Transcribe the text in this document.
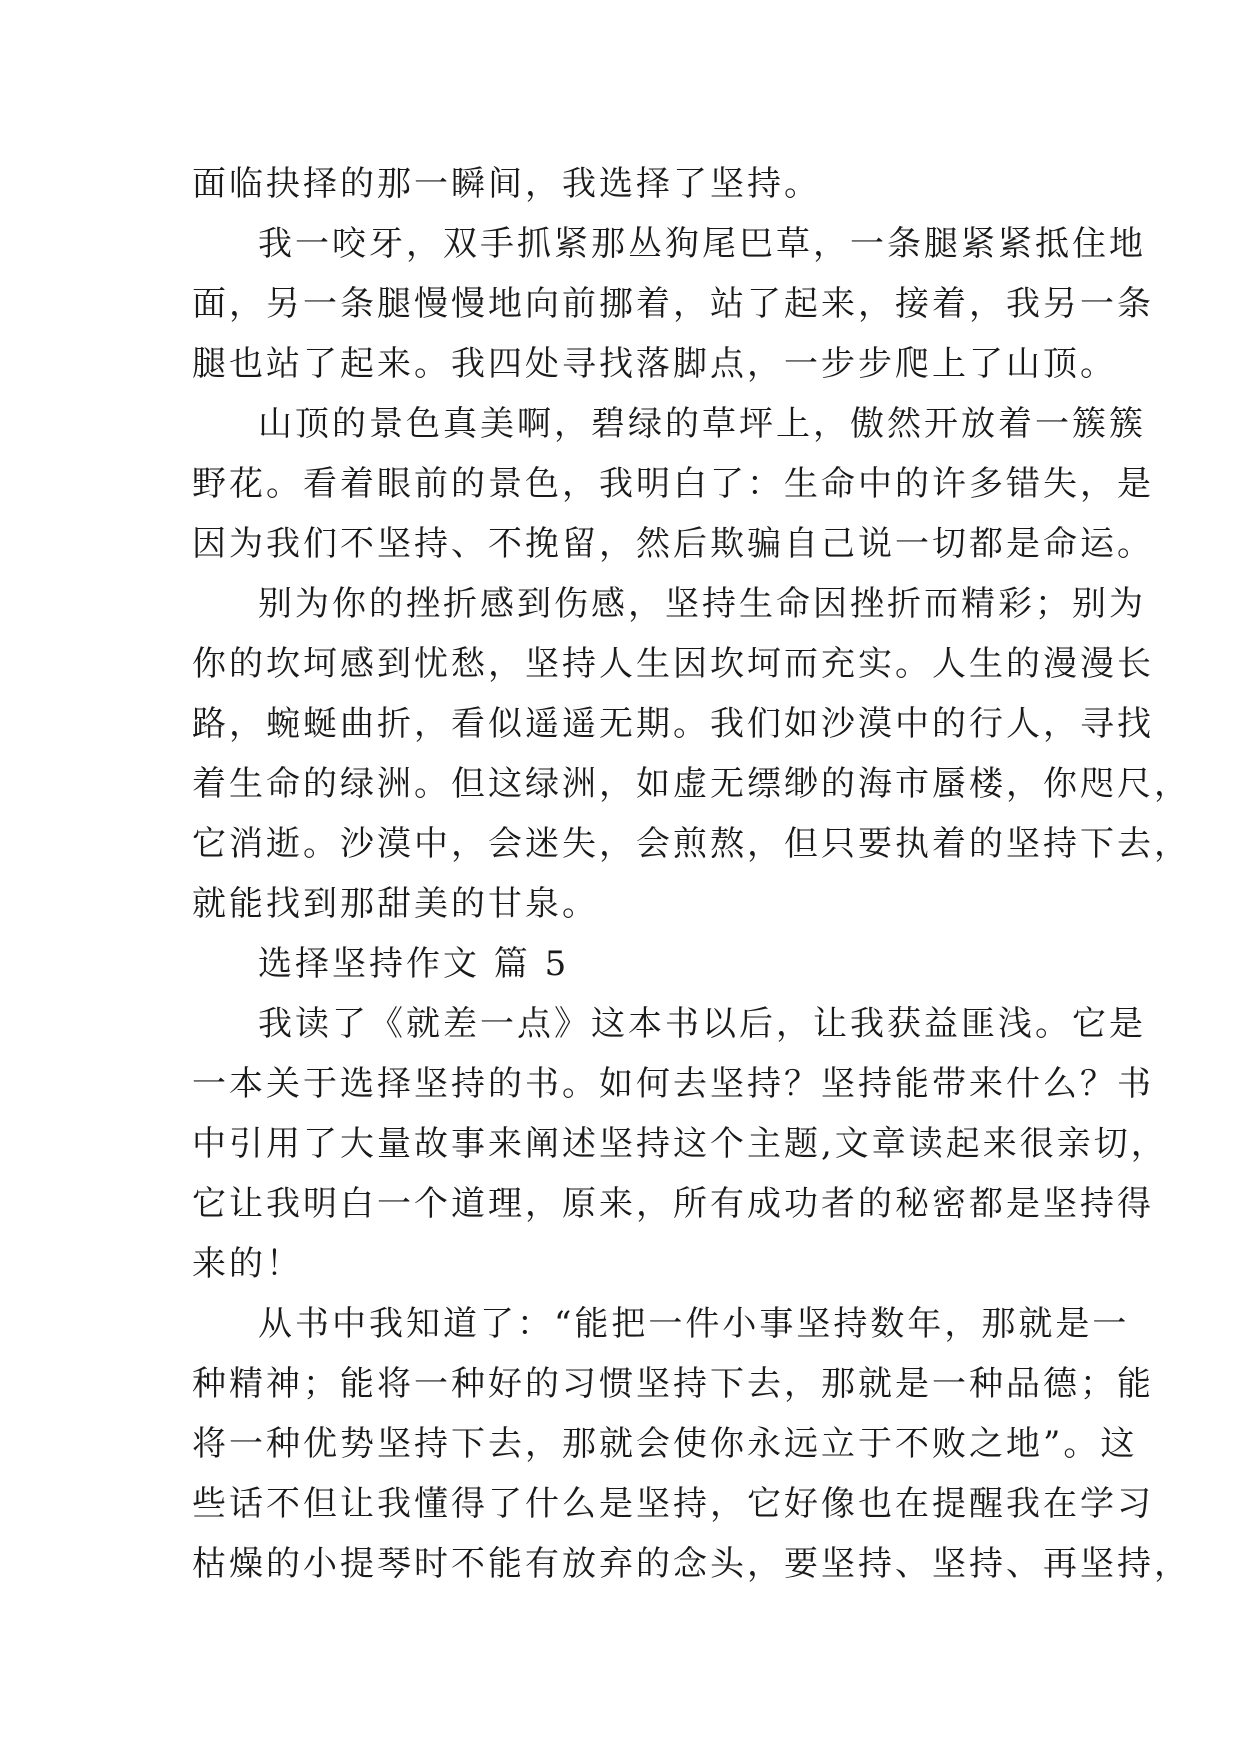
面临抉择的那一瞬间，我选择了坚持。
我一咬牙，双手抓紧那丛狗尾巴草，一条腿紧紧抵住地
面，另一条腿慢慢地向前挪着，站了起来，接着，我另一条
腿也站了起来。我四处寻找落脚点，一步步爬上了山顶。
山顶的景色真美啊，碧绿的草坪上，傲然开放着一簇簇
野花。看着眼前的景色，我明白了：生命中的许多错失，是
因为我们不坚持、不挽留，然后欺骗自己说一切都是命运。
别为你的挫折感到伤感，坚持生命因挫折而精彩；别为
你的坎坷感到忧愁，坚持人生因坎坷而充实。人生的漫漫长
路，蜿蜒曲折，看似遥遥无期。我们如沙漠中的行人，寻找
着生命的绿洲。但这绿洲，如虚无缥缈的海市蜃楼，你咫尺，
它消逝。沙漠中，会迷失，会煎熬，但只要执着的坚持下去，
就能找到那甜美的甘泉。
选择坚持作文 篇 5
我读了《就差一点》这本书以后，让我获益匪浅。它是
一本关于选择坚持的书。如何去坚持？坚持能带来什么？书
中引用了大量故事来阐述坚持这个主题,文章读起来很亲切，
它让我明白一个道理，原来，所有成功者的秘密都是坚持得
来的！
从书中我知道了：“能把一件小事坚持数年，那就是一
种精神；能将一种好的习惯坚持下去，那就是一种品德；能
将一种优势坚持下去，那就会使你永远立于不败之地”。这
些话不但让我懂得了什么是坚持，它好像也在提醒我在学习
枯燥的小提琴时不能有放弃的念头，要坚持、坚持、再坚持，
